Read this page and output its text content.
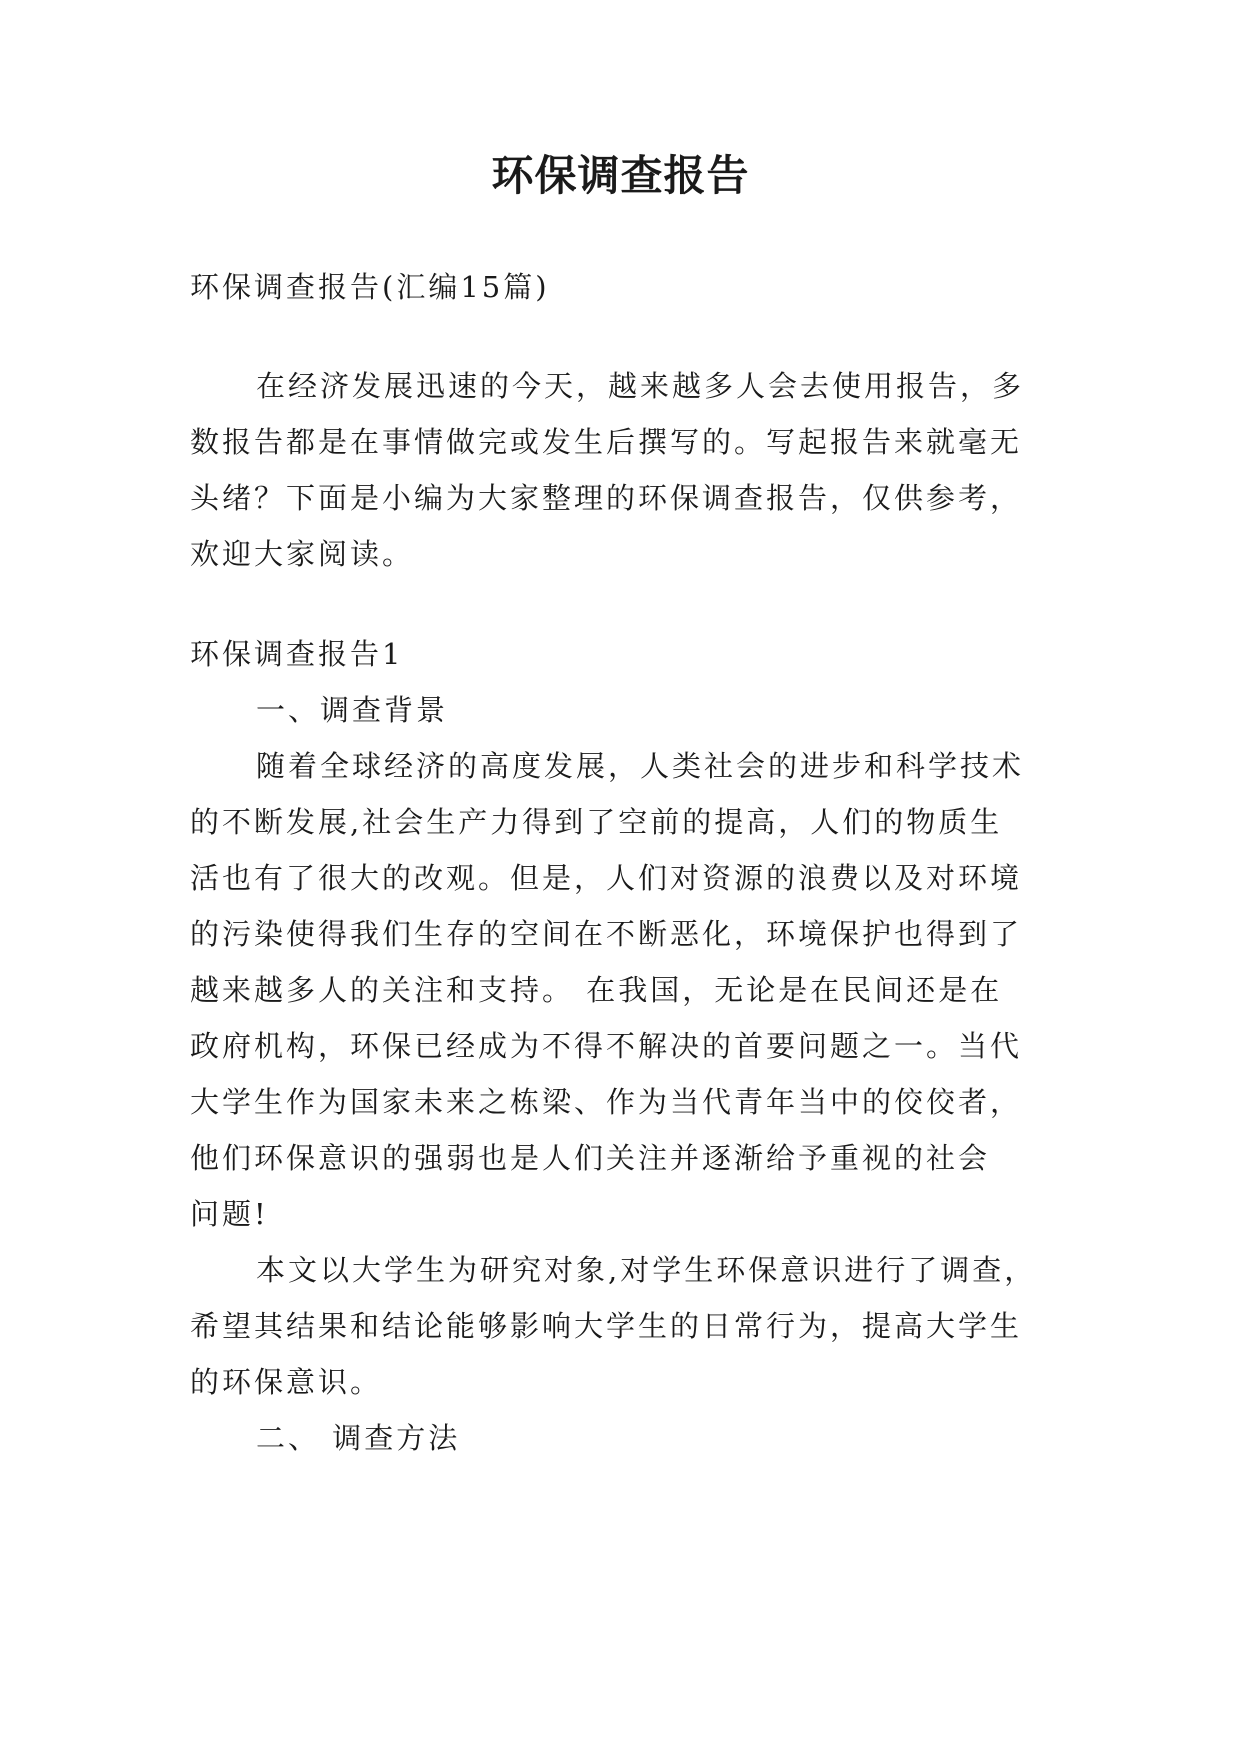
环保调查报告
环保调查报告(汇编15篇)
在经济发展迅速的今天，越来越多人会去使用报告，多
数报告都是在事情做完或发生后撰写的。写起报告来就毫无
头绪？下面是小编为大家整理的环保调查报告，仅供参考，
欢迎大家阅读。
环保调查报告1
一、调查背景
随着全球经济的高度发展，人类社会的进步和科学技术
的不断发展,社会生产力得到了空前的提高，人们的物质生
活也有了很大的改观。但是，人们对资源的浪费以及对环境
的污染使得我们生存的空间在不断恶化，环境保护也得到了
越来越多人的关注和支持。 在我国，无论是在民间还是在
政府机构，环保已经成为不得不解决的首要问题之一。当代
大学生作为国家未来之栋梁、作为当代青年当中的佼佼者，
他们环保意识的强弱也是人们关注并逐渐给予重视的社会
问题!
本文以大学生为研究对象,对学生环保意识进行了调查，
希望其结果和结论能够影响大学生的日常行为，提高大学生
的环保意识。
二、 调查方法
